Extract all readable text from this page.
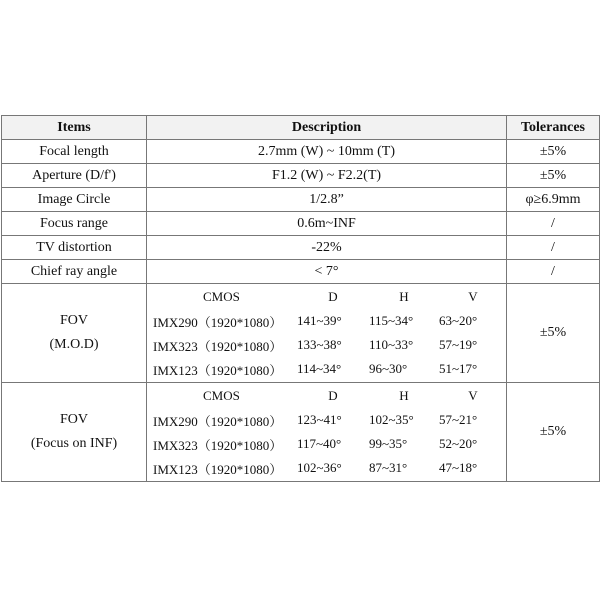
Items	Description	Tolerances
Focal length	2.7mm (W) ~ 10mm (T)	±5%
Aperture (D/f')	F1.2 (W) ~ F2.2(T)	±5%
Image Circle	1/2.8”	φ≥6.9mm
Focus range	0.6m~INF	/
TV distortion	-22%	/
Chief ray angle	< 7°	/

FOV
(M.O.D)

CMOS	D	H	V
IMX290（1920*1080）	141~39°	115~34°	63~20°
IMX323（1920*1080）	133~38°	110~33°	57~19°
IMX123（1920*1080）	114~34°	96~30°	51~17°
	±5%

FOV
(Focus on INF)

CMOS	D	H	V
IMX290（1920*1080）	123~41°	102~35°	57~21°
IMX323（1920*1080）	117~40°	99~35°	52~20°
IMX123（1920*1080）	102~36°	87~31°	47~18°
	±5%
